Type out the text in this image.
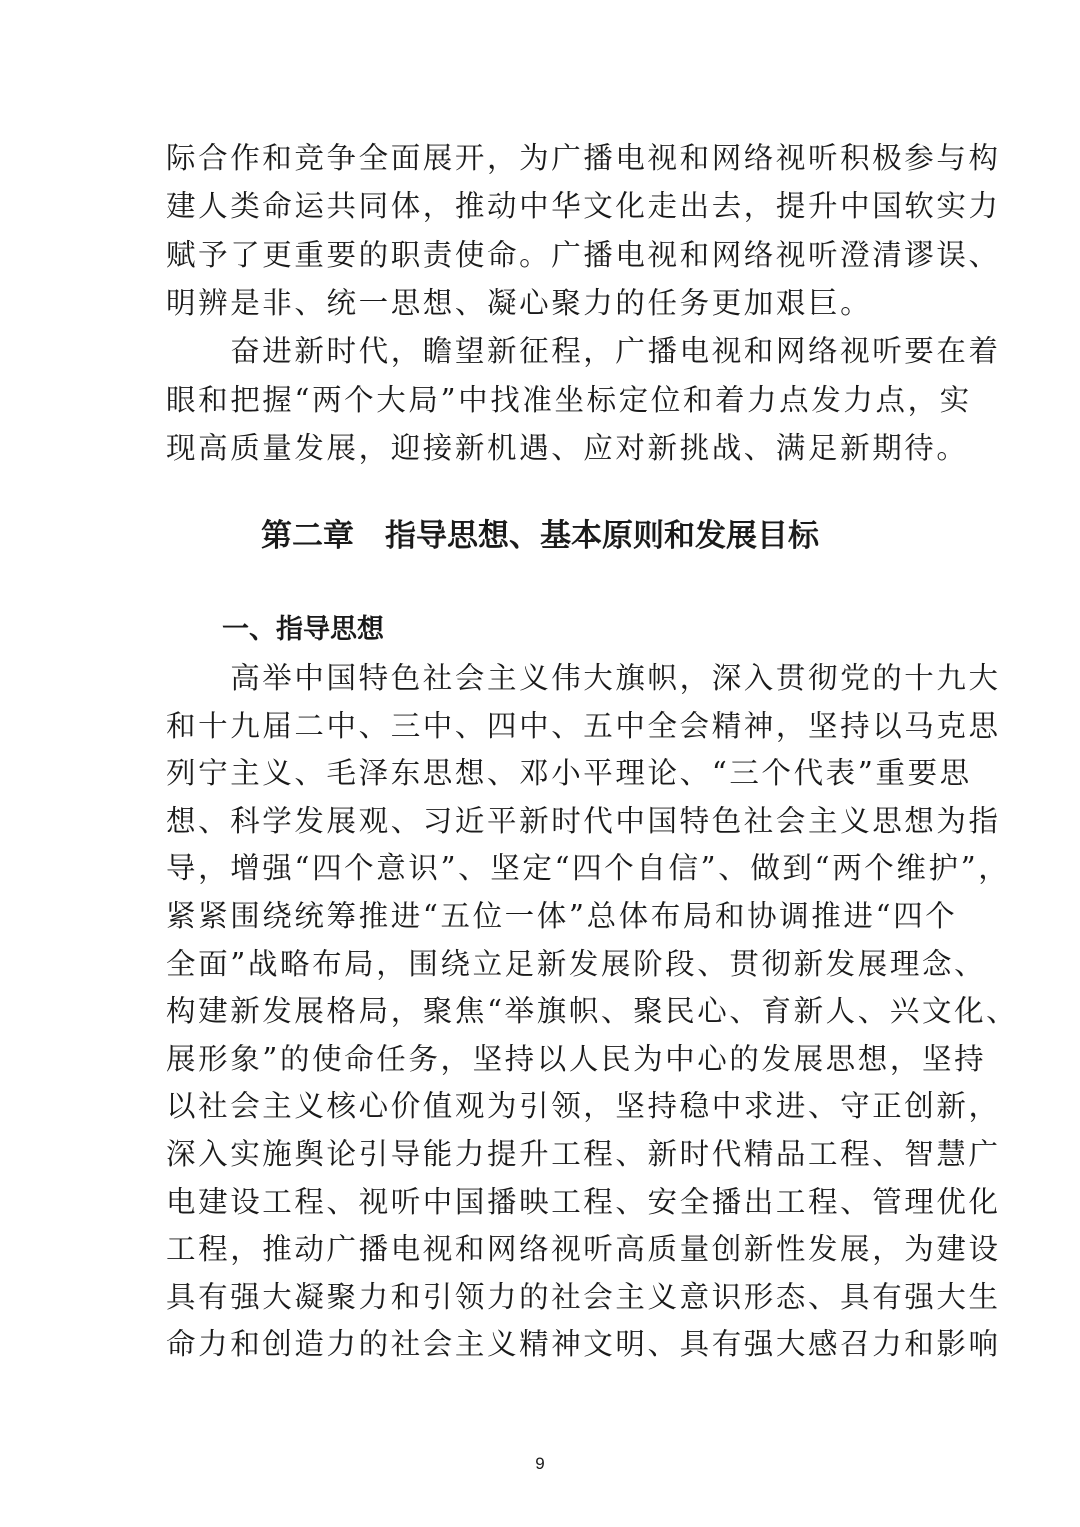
际合作和竞争全面展开，为广播电视和网络视听积极参与构
建人类命运共同体，推动中华文化走出去，提升中国软实力
赋予了更重要的职责使命。广播电视和网络视听澄清谬误、
明辨是非、统一思想、凝心聚力的任务更加艰巨。
　　奋进新时代，瞻望新征程，广播电视和网络视听要在着
眼和把握“两个大局”中找准坐标定位和着力点发力点，实
现高质量发展，迎接新机遇、应对新挑战、满足新期待。
第二章　指导思想、基本原则和发展目标
一、指导思想
　　高举中国特色社会主义伟大旗帜，深入贯彻党的十九大
和十九届二中、三中、四中、五中全会精神，坚持以马克思
列宁主义、毛泽东思想、邓小平理论、“三个代表”重要思
想、科学发展观、习近平新时代中国特色社会主义思想为指
导，增强“四个意识”、坚定“四个自信”、做到“两个维护”，
紧紧围绕统筹推进“五位一体”总体布局和协调推进“四个
全面”战略布局，围绕立足新发展阶段、贯彻新发展理念、
构建新发展格局，聚焦“举旗帜、聚民心、育新人、兴文化、
展形象”的使命任务，坚持以人民为中心的发展思想，坚持
以社会主义核心价值观为引领，坚持稳中求进、守正创新，
深入实施舆论引导能力提升工程、新时代精品工程、智慧广
电建设工程、视听中国播映工程、安全播出工程、管理优化
工程，推动广播电视和网络视听高质量创新性发展，为建设
具有强大凝聚力和引领力的社会主义意识形态、具有强大生
命力和创造力的社会主义精神文明、具有强大感召力和影响
9
